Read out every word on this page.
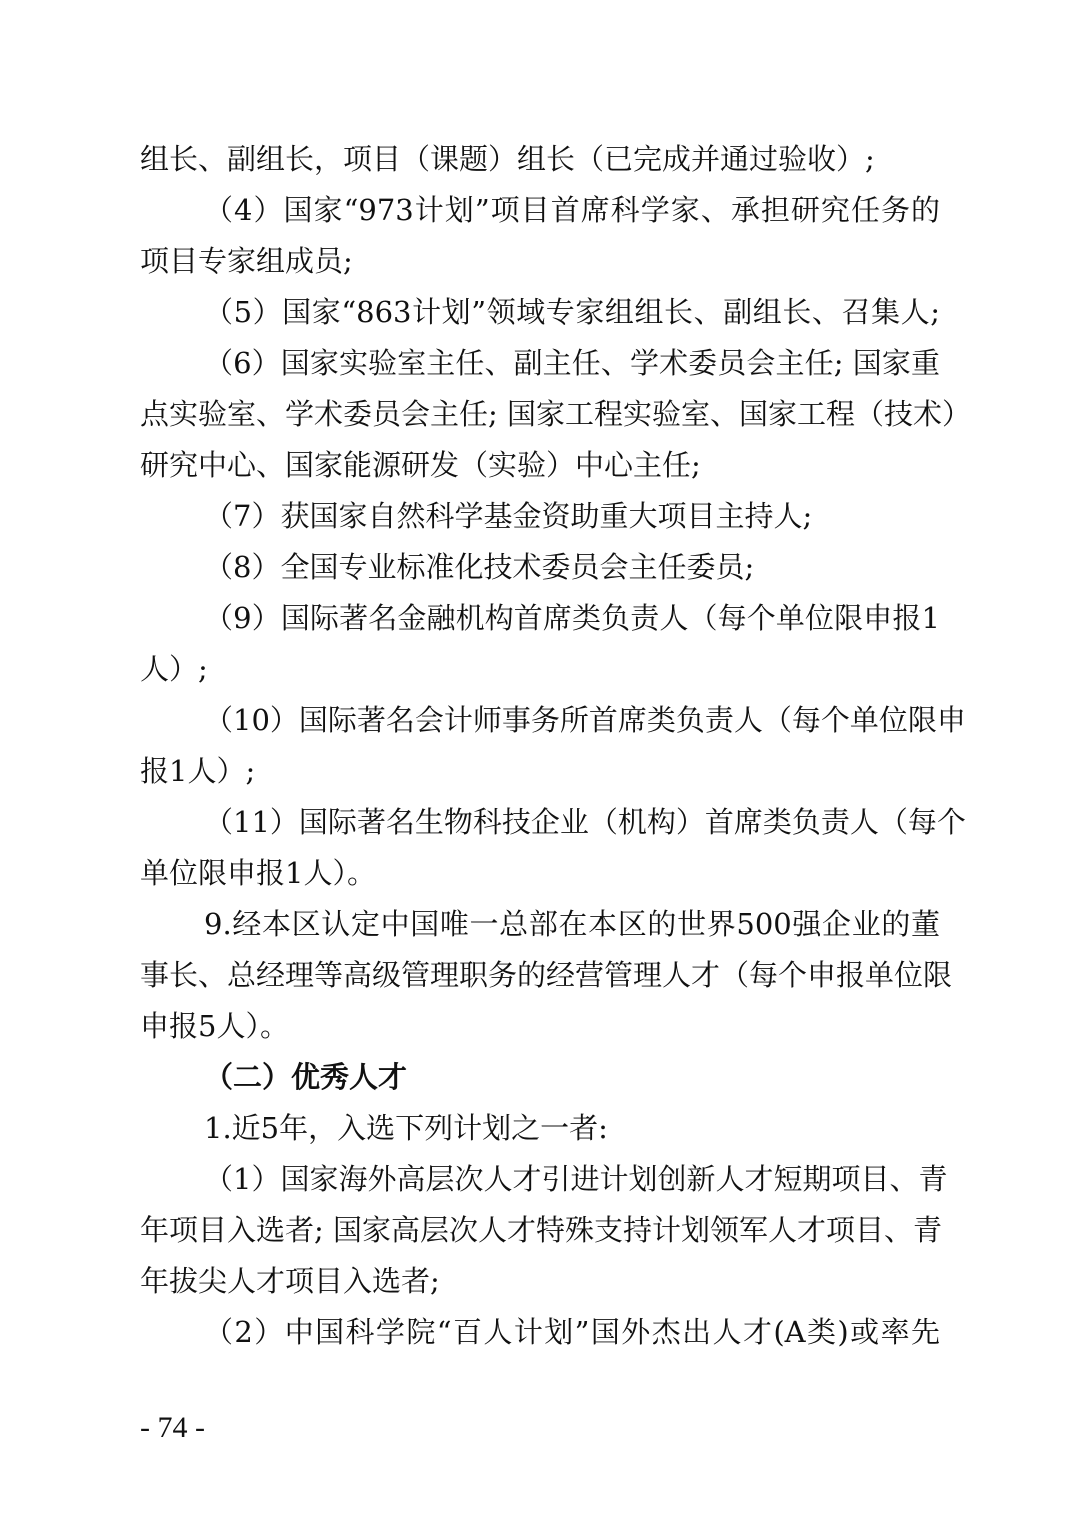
组长、副组长，项目（课题）组长（已完成并通过验收）;
（4）国家“973计划”项目首席科学家、承担研究任务的
项目专家组成员;
（5）国家“863计划”领域专家组组长、副组长、召集人;
（6）国家实验室主任、副主任、学术委员会主任; 国家重
点实验室、学术委员会主任; 国家工程实验室、国家工程（技术）
研究中心、国家能源研发（实验）中心主任;
（7）获国家自然科学基金资助重大项目主持人;
（8）全国专业标准化技术委员会主任委员;
（9）国际著名金融机构首席类负责人（每个单位限申报1
人）;
（10）国际著名会计师事务所首席类负责人（每个单位限申
报1人）;
（11）国际著名生物科技企业（机构）首席类负责人（每个
单位限申报1人）。
9.经本区认定中国唯一总部在本区的世界500强企业的董
事长、总经理等高级管理职务的经营管理人才（每个申报单位限
申报5人）。
（二）优秀人才
1.近5年，入选下列计划之一者:
（1）国家海外高层次人才引进计划创新人才短期项目、青
年项目入选者; 国家高层次人才特殊支持计划领军人才项目、青
年拔尖人才项目入选者;
（2）中国科学院“百人计划”国外杰出人才(A类)或率先
- 74 -
